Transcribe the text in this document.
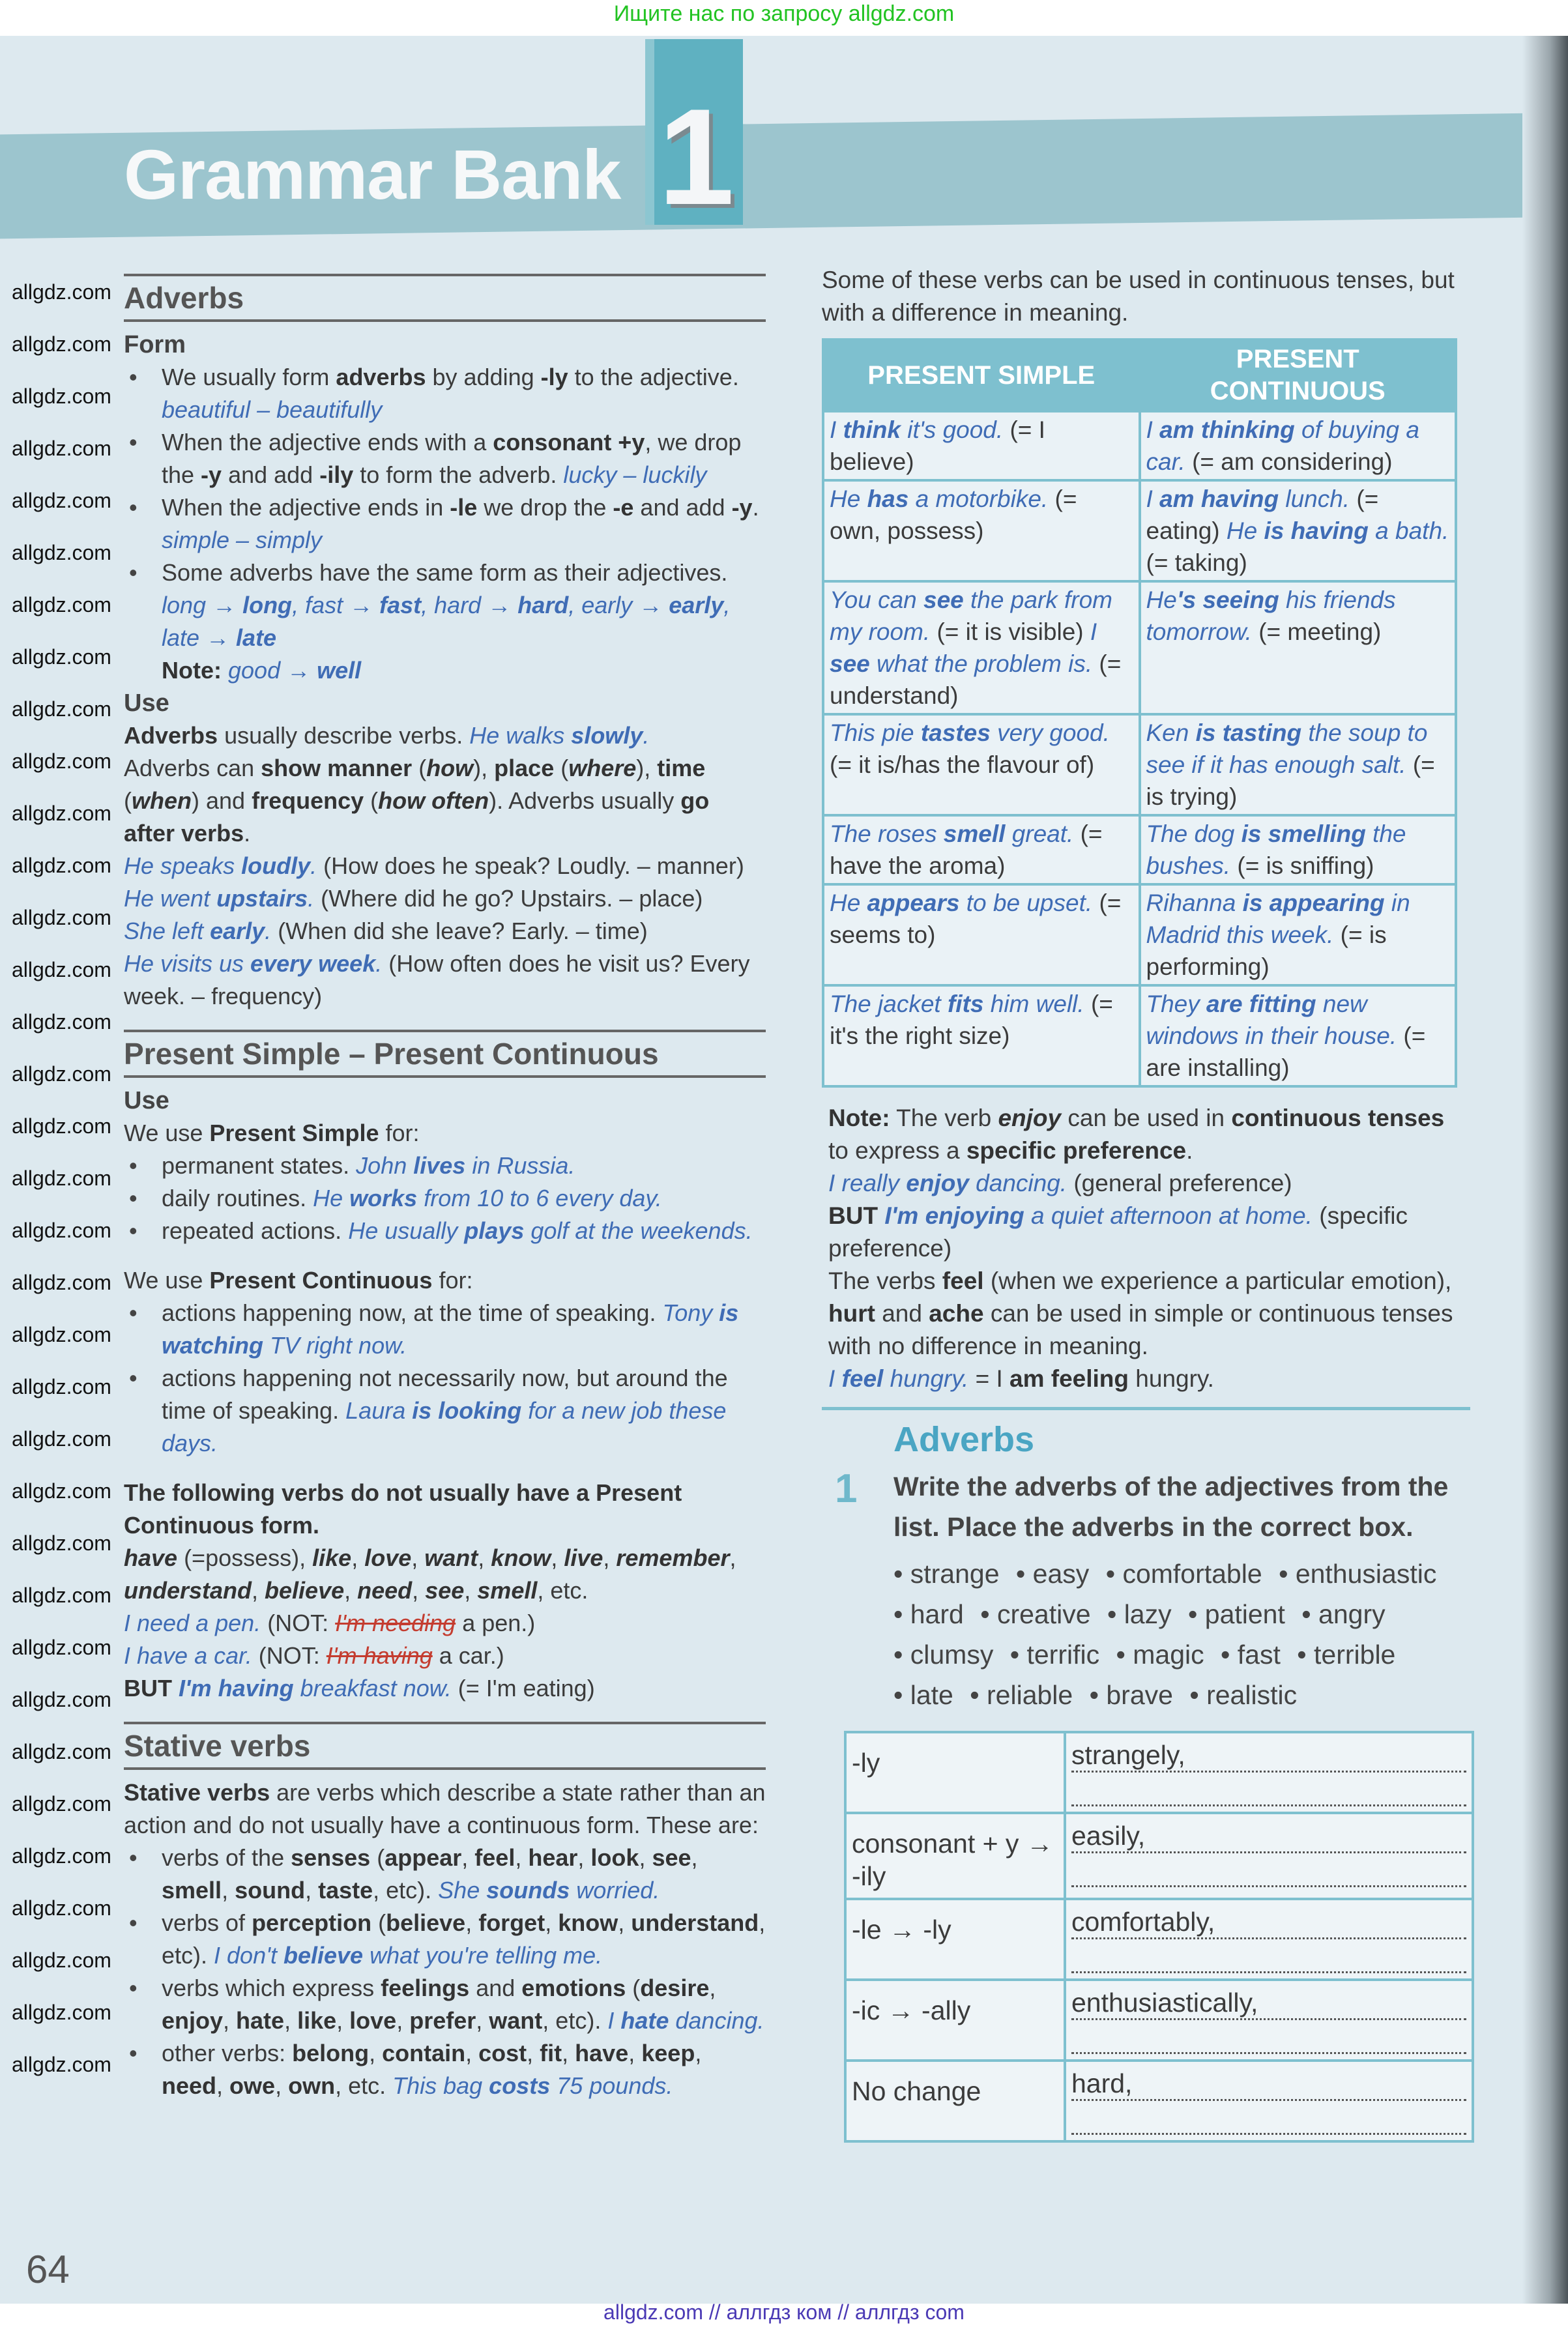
Ищите нас по запросу allgdz.com
1
Grammar Bank
Adverbs
Form
• We usually form adverbs by adding -ly to the adjective. beautiful – beautifully
• When the adjective ends with a consonant +y, we drop the -y and add -ily to form the adverb. lucky – luckily
• When the adjective ends in -le we drop the -e and add -y. simple – simply
• Some adverbs have the same form as their adjectives. long → long, fast → fast, hard → hard, early → early, late → late
Note: good → well
Use
Adverbs usually describe verbs. He walks slowly.
Adverbs can show manner (how), place (where), time (when) and frequency (how often). Adverbs usually go after verbs.
He speaks loudly. (How does he speak? Loudly. – manner)
He went upstairs. (Where did he go? Upstairs. – place)
She left early. (When did she leave? Early. – time)
He visits us every week. (How often does he visit us? Every week. – frequency)
Present Simple – Present Continuous
Use
We use Present Simple for:
• permanent states. John lives in Russia.
• daily routines. He works from 10 to 6 every day.
• repeated actions. He usually plays golf at the weekends.
We use Present Continuous for:
• actions happening now, at the time of speaking. Tony is watching TV right now.
• actions happening not necessarily now, but around the time of speaking. Laura is looking for a new job these days.
The following verbs do not usually have a Present Continuous form.
have (=possess), like, love, want, know, live, remember, understand, believe, need, see, smell, etc.
I need a pen. (NOT: I'm needing a pen.)
I have a car. (NOT: I'm having a car.)
BUT I'm having breakfast now. (= I'm eating)
Stative verbs
Stative verbs are verbs which describe a state rather than an action and do not usually have a continuous form. These are:
• verbs of the senses (appear, feel, hear, look, see, smell, sound, taste, etc). She sounds worried.
• verbs of perception (believe, forget, know, understand, etc). I don't believe what you're telling me.
• verbs which express feelings and emotions (desire, enjoy, hate, like, love, prefer, want, etc). I hate dancing.
• other verbs: belong, contain, cost, fit, have, keep, need, owe, own, etc. This bag costs 75 pounds.
Some of these verbs can be used in continuous tenses, but with a difference in meaning.
PRESENT SIMPLE	PRESENT CONTINUOUS
I think it's good. (= I believe)	I am thinking of buying a car. (= am considering)
He has a motorbike. (= own, possess)	I am having lunch. (= eating) He is having a bath. (= taking)
You can see the park from my room. (= it is visible) I see what the problem is. (= understand)	He's seeing his friends tomorrow. (= meeting)
This pie tastes very good. (= it is/has the flavour of)	Ken is tasting the soup to see if it has enough salt. (= is trying)
The roses smell great. (= have the aroma)	The dog is smelling the bushes. (= is sniffing)
He appears to be upset. (= seems to)	Rihanna is appearing in Madrid this week. (= is performing)
The jacket fits him well. (= it's the right size)	They are fitting new windows in their house. (= are installing)
Note: The verb enjoy can be used in continuous tenses to express a specific preference.
I really enjoy dancing. (general preference)
BUT I'm enjoying a quiet afternoon at home. (specific preference)
The verbs feel (when we experience a particular emotion), hurt and ache can be used in simple or continuous tenses with no difference in meaning.
I feel hungry. = I am feeling hungry.
Adverbs
1	Write the adverbs of the adjectives from the list. Place the adverbs in the correct box.
• strange • easy • comfortable • enthusiastic • hard • creative • lazy • patient • angry • clumsy • terrific • magic • fast • terrible • late • reliable • brave • realistic
-ly	strangely,

consonant + y → -ily	easily,

-le → -ly	comfortably,

-ic → -ally	enthusiastically,

No change	hard,
64
allgdz.com // аллгдз ком // аллгдз com
allgdz.com
allgdz.com
allgdz.com
allgdz.com
allgdz.com
allgdz.com
allgdz.com
allgdz.com
allgdz.com
allgdz.com
allgdz.com
allgdz.com
allgdz.com
allgdz.com
allgdz.com
allgdz.com
allgdz.com
allgdz.com
allgdz.com
allgdz.com
allgdz.com
allgdz.com
allgdz.com
allgdz.com
allgdz.com
allgdz.com
allgdz.com
allgdz.com
allgdz.com
allgdz.com
allgdz.com
allgdz.com
allgdz.com
allgdz.com
allgdz.com
